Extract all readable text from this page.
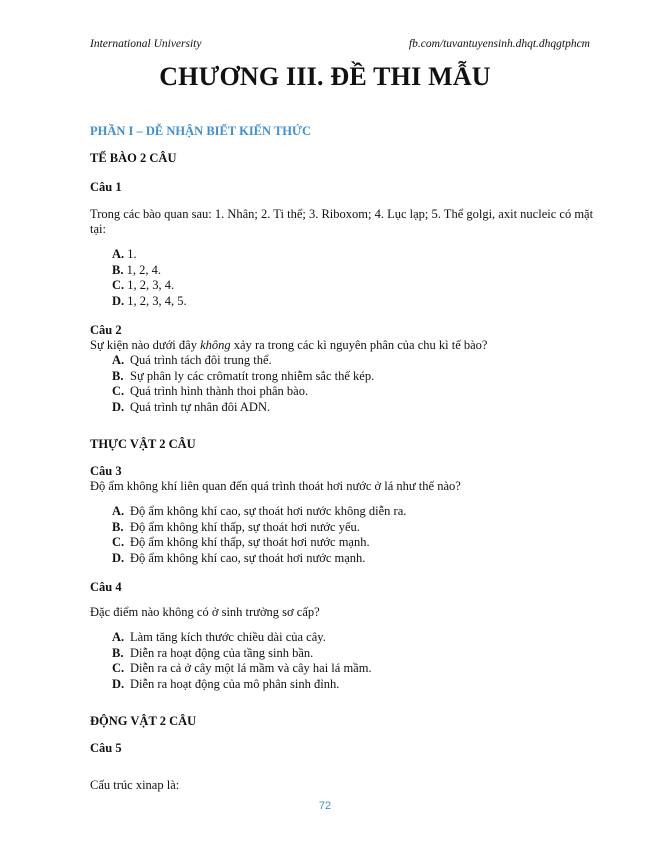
International University	fb.com/tuvantuyensinh.dhqt.dhqgtphcm
CHƯƠNG III. ĐỀ THI MẪU
PHẦN I – DỄ NHẬN BIẾT KIẾN THỨC
TẾ BÀO 2 CÂU
Câu 1
Trong các bào quan sau: 1. Nhân; 2. Ti thể; 3. Riboxom; 4. Lục lạp; 5. Thể golgi, axit nucleic có mặt tại:
A. 1.
B. 1, 2, 4.
C. 1, 2, 3, 4.
D. 1, 2, 3, 4, 5.
Câu 2
Sự kiện nào dưới đây không xảy ra trong các kì nguyên phân của chu kì tế bào?
A. Quá trình tách đôi trung thể.
B. Sự phân ly các crômatít trong nhiễm sắc thể kép.
C. Quá trình hình thành thoi phân bào.
D. Quá trình tự nhân đôi ADN.
THỰC VẬT 2 CÂU
Câu 3
Độ ẩm không khí liên quan đến quá trình thoát hơi nước ở lá như thế nào?
A. Độ ẩm không khí cao, sự thoát hơi nước không diễn ra.
B. Độ ẩm không khí thấp, sự thoát hơi nước yếu.
C. Độ ẩm không khí thấp, sự thoát hơi nước mạnh.
D. Độ ẩm không khí cao, sự thoát hơi nước mạnh.
Câu 4
Đặc điểm nào không có ở sinh trưởng sơ cấp?
A. Làm tăng kích thước chiều dài của cây.
B. Diễn ra hoạt động của tầng sinh bần.
C. Diễn ra cả ở cây một lá mầm và cây hai lá mầm.
D. Diễn ra hoạt động của mô phân sinh đỉnh.
ĐỘNG VẬT 2 CÂU
Câu 5
Cấu trúc xinap là:
72
